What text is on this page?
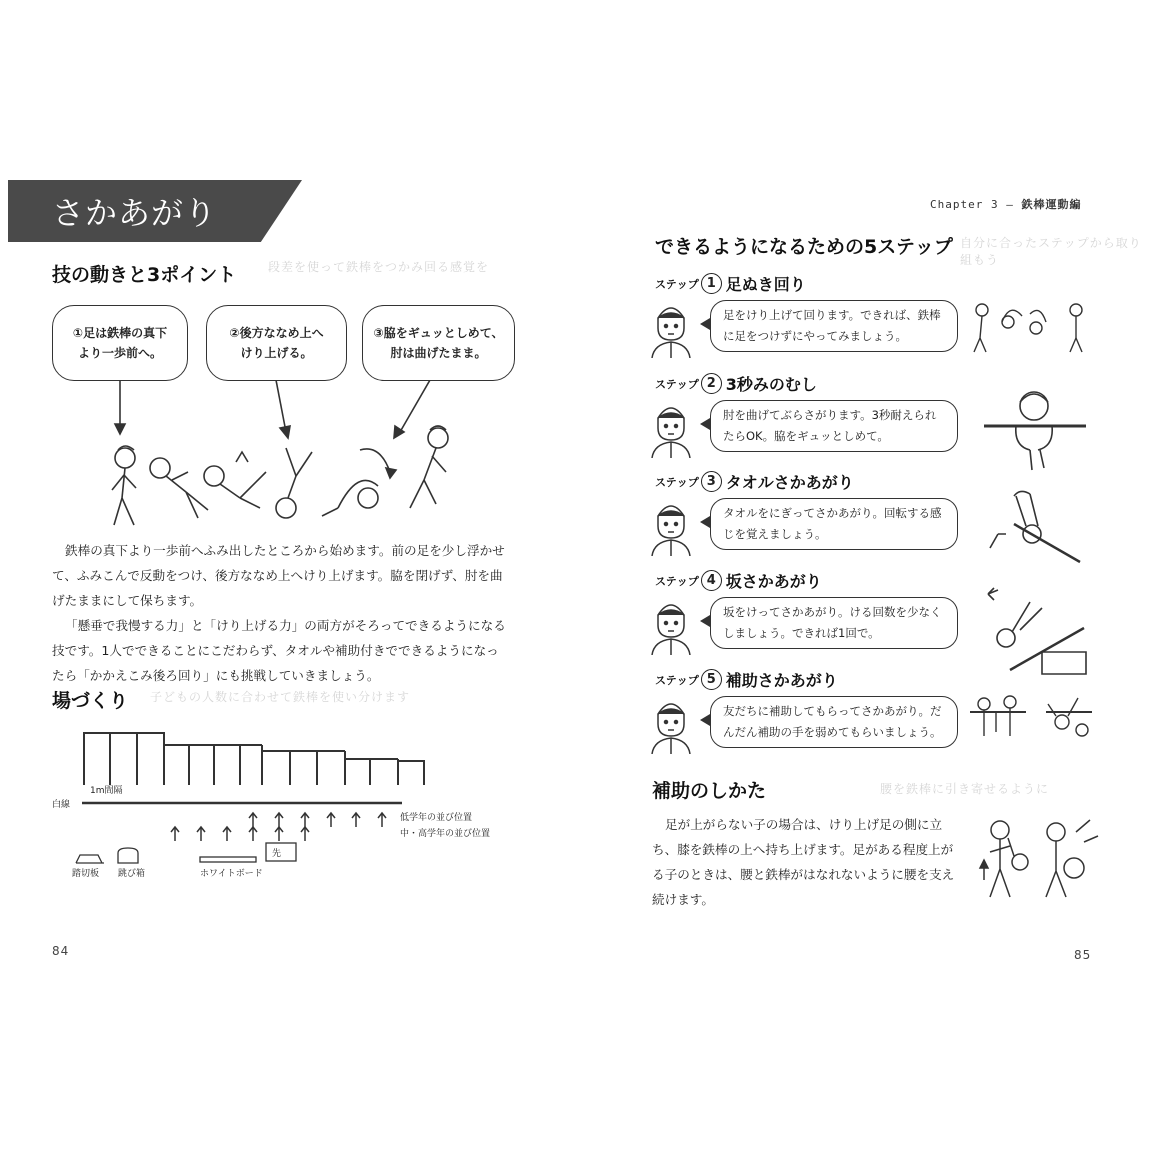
さかあがり
技の動きと3ポイント	段差を使って鉄棒をつかみ回る感覚を
①足は鉄棒の真下より一歩前へ。
②後方ななめ上へけり上げる。
③脇をギュッとしめて、肘は曲げたまま。

鉄棒の真下より一歩前へふみ出したところから始めます。前の足を少し浮かせて、ふみこんで反動をつけ、後方ななめ上へけり上げます。脇を閉げず、肘を曲げたままにして保ちます。

「懸垂で我慢する力」と「けり上げる力」の両方がそろってできるようになる技です。1人でできることにこだわらず、タオルや補助付きでできるようになったら「かかえこみ後ろ回り」にも挑戦していきましょう。

場づくり 子どもの人数に合わせて鉄棒を使い分けます
1m間隔
白線
先
低学年の並び位置
中・高学年の並び位置
踏切板 跳び箱	ホワイトボード
84
Chapter 3 — 鉄棒運動編
できるようになるための5ステップ 自分に合ったステップから取り組もう
ステップ 1 足ぬき回り
足をけり上げて回ります。できれば、鉄棒に足をつけずにやってみましょう。
ステップ 2 3秒みのむし
肘を曲げてぶらさがります。3秒耐えられたらOK。脇をギュッとしめて。
ステップ 3 タオルさかあがり
タオルをにぎってさかあがり。回転する感じを覚えましょう。
ステップ 4 坂さかあがり
坂をけってさかあがり。ける回数を少なくしましょう。できれば1回で。
ステップ 5 補助さかあがり
友だちに補助してもらってさかあがり。だんだん補助の手を弱めてもらいましょう。
補助のしかた	腰を鉄棒に引き寄せるように

足が上がらない子の場合は、けり上げ足の側に立ち、膝を鉄棒の上へ持ち上げます。足がある程度上がる子のときは、腰と鉄棒がはなれないように腰を支え続けます。

85
